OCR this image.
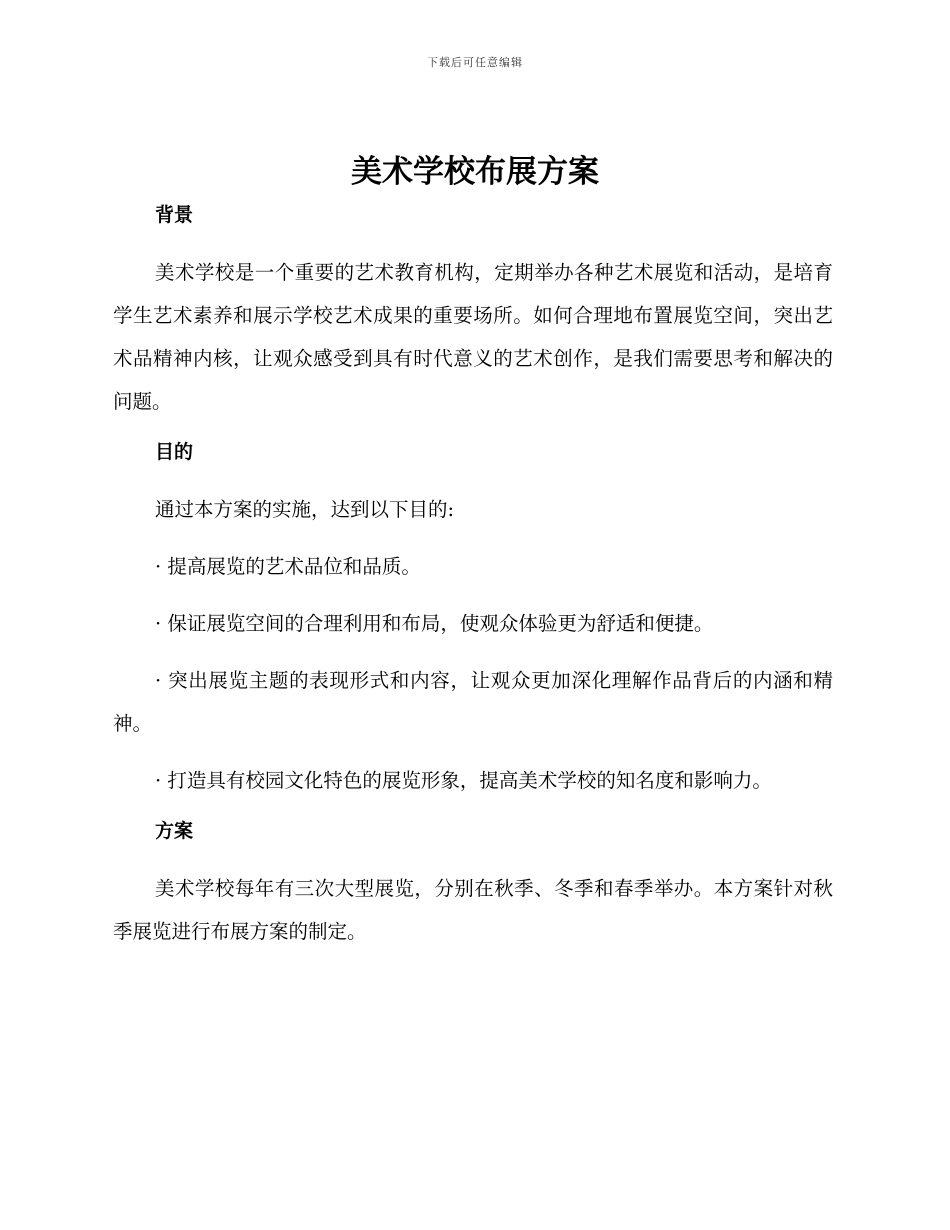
下载后可任意编辑
美术学校布展方案
背景

美术学校是一个重要的艺术教育机构，定期举办各种艺术展览和活动，是培育学生艺术素养和展示学校艺术成果的重要场所。如何合理地布置展览空间，突出艺术品精神内核，让观众感受到具有时代意义的艺术创作，是我们需要思考和解决的问题。

目的

通过本方案的实施，达到以下目的:

· 提高展览的艺术品位和品质。

· 保证展览空间的合理利用和布局，使观众体验更为舒适和便捷。

· 突出展览主题的表现形式和内容，让观众更加深化理解作品背后的内涵和精神。

· 打造具有校园文化特色的展览形象，提高美术学校的知名度和影响力。

方案

美术学校每年有三次大型展览，分别在秋季、冬季和春季举办。本方案针对秋季展览进行布展方案的制定。
